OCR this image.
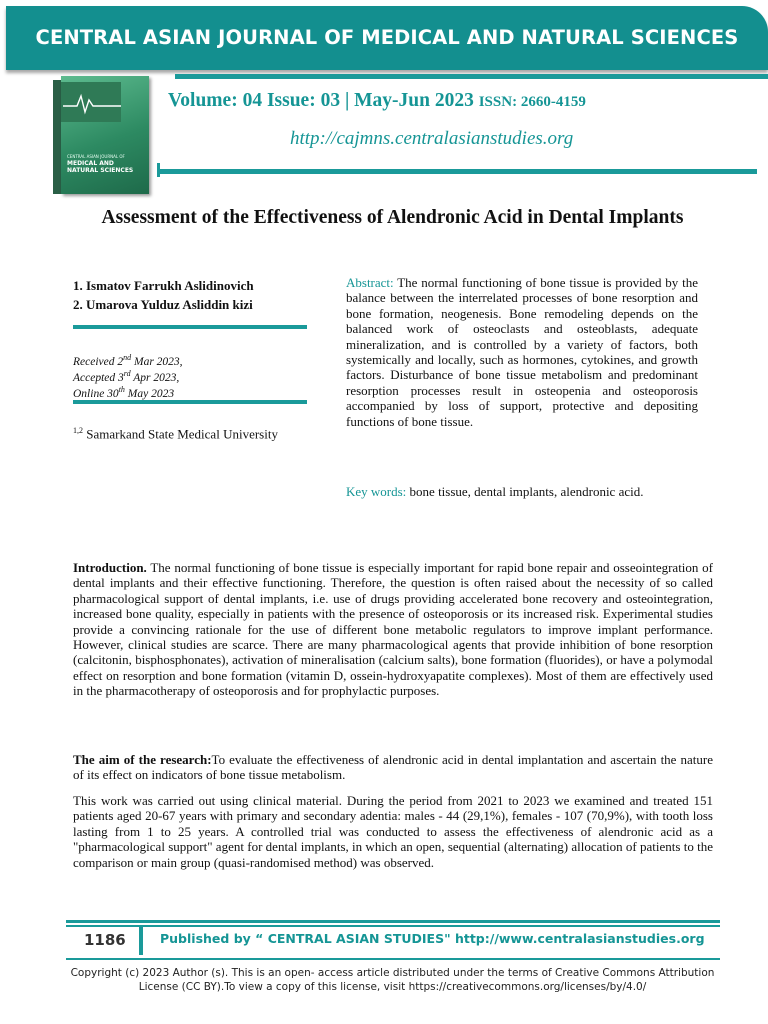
CENTRAL ASIAN JOURNAL OF MEDICAL AND NATURAL SCIENCES
CENTRAL ASIAN JOURNAL OF
MEDICAL AND NATURAL SCIENCES
Volume: 04 Issue: 03 | May-Jun 2023 ISSN: 2660-4159
http://cajmns.centralasianstudies.org
Assessment of the Effectiveness of Alendronic Acid in Dental Implants
1. Ismatov Farrukh Aslidinovich
2. Umarova Yulduz Asliddin kizi
Received 2nd Mar 2023,
Accepted 3rd Apr 2023,
Online 30th May 2023
$^{1,2}$ Samarkand State Medical University
Abstract: The normal functioning of bone tissue is provided by the balance between the interrelated processes of bone resorption and bone formation, neogenesis. Bone remodeling depends on the balanced work of osteoclasts and osteoblasts, adequate mineralization, and is controlled by a variety of factors, both systemically and locally, such as hormones, cytokines, and growth factors. Disturbance of bone tissue metabolism and predominant resorption processes result in osteopenia and osteoporosis accompanied by loss of support, protective and depositing functions of bone tissue.
Key words: bone tissue, dental implants, alendronic acid.
Introduction. The normal functioning of bone tissue is especially important for rapid bone repair and osseointegration of dental implants and their effective functioning. Therefore, the question is often raised about the necessity of so called pharmacological support of dental implants, i.e. use of drugs providing accelerated bone recovery and osteointegration, increased bone quality, especially in patients with the presence of osteoporosis or its increased risk. Experimental studies provide a convincing rationale for the use of different bone metabolic regulators to improve implant performance. However, clinical studies are scarce. There are many pharmacological agents that provide inhibition of bone resorption (calcitonin, bisphosphonates), activation of mineralisation (calcium salts), bone formation (fluorides), or have a polymodal effect on resorption and bone formation (vitamin D, ossein-hydroxyapatite complexes). Most of them are effectively used in the pharmacotherapy of osteoporosis and for prophylactic purposes.
The aim of the research:To evaluate the effectiveness of alendronic acid in dental implantation and ascertain the nature of its effect on indicators of bone tissue metabolism.
This work was carried out using clinical material. During the period from 2021 to 2023 we examined and treated 151 patients aged 20-67 years with primary and secondary adentia: males - 44 (29,1%), females - 107 (70,9%), with tooth loss lasting from 1 to 25 years. A controlled trial was conducted to assess the effectiveness of alendronic acid as a "pharmacological support" agent for dental implants, in which an open, sequential (alternating) allocation of patients to the comparison or main group (quasi-randomised method) was observed.
1186	Published by “ CENTRAL ASIAN STUDIES" http://www.centralasianstudies.org
Copyright (c) 2023 Author (s). This is an open- access article distributed under the terms of Creative Commons Attribution License (CC BY).To view a copy of this license, visit https://creativecommons.org/licenses/by/4.0/
